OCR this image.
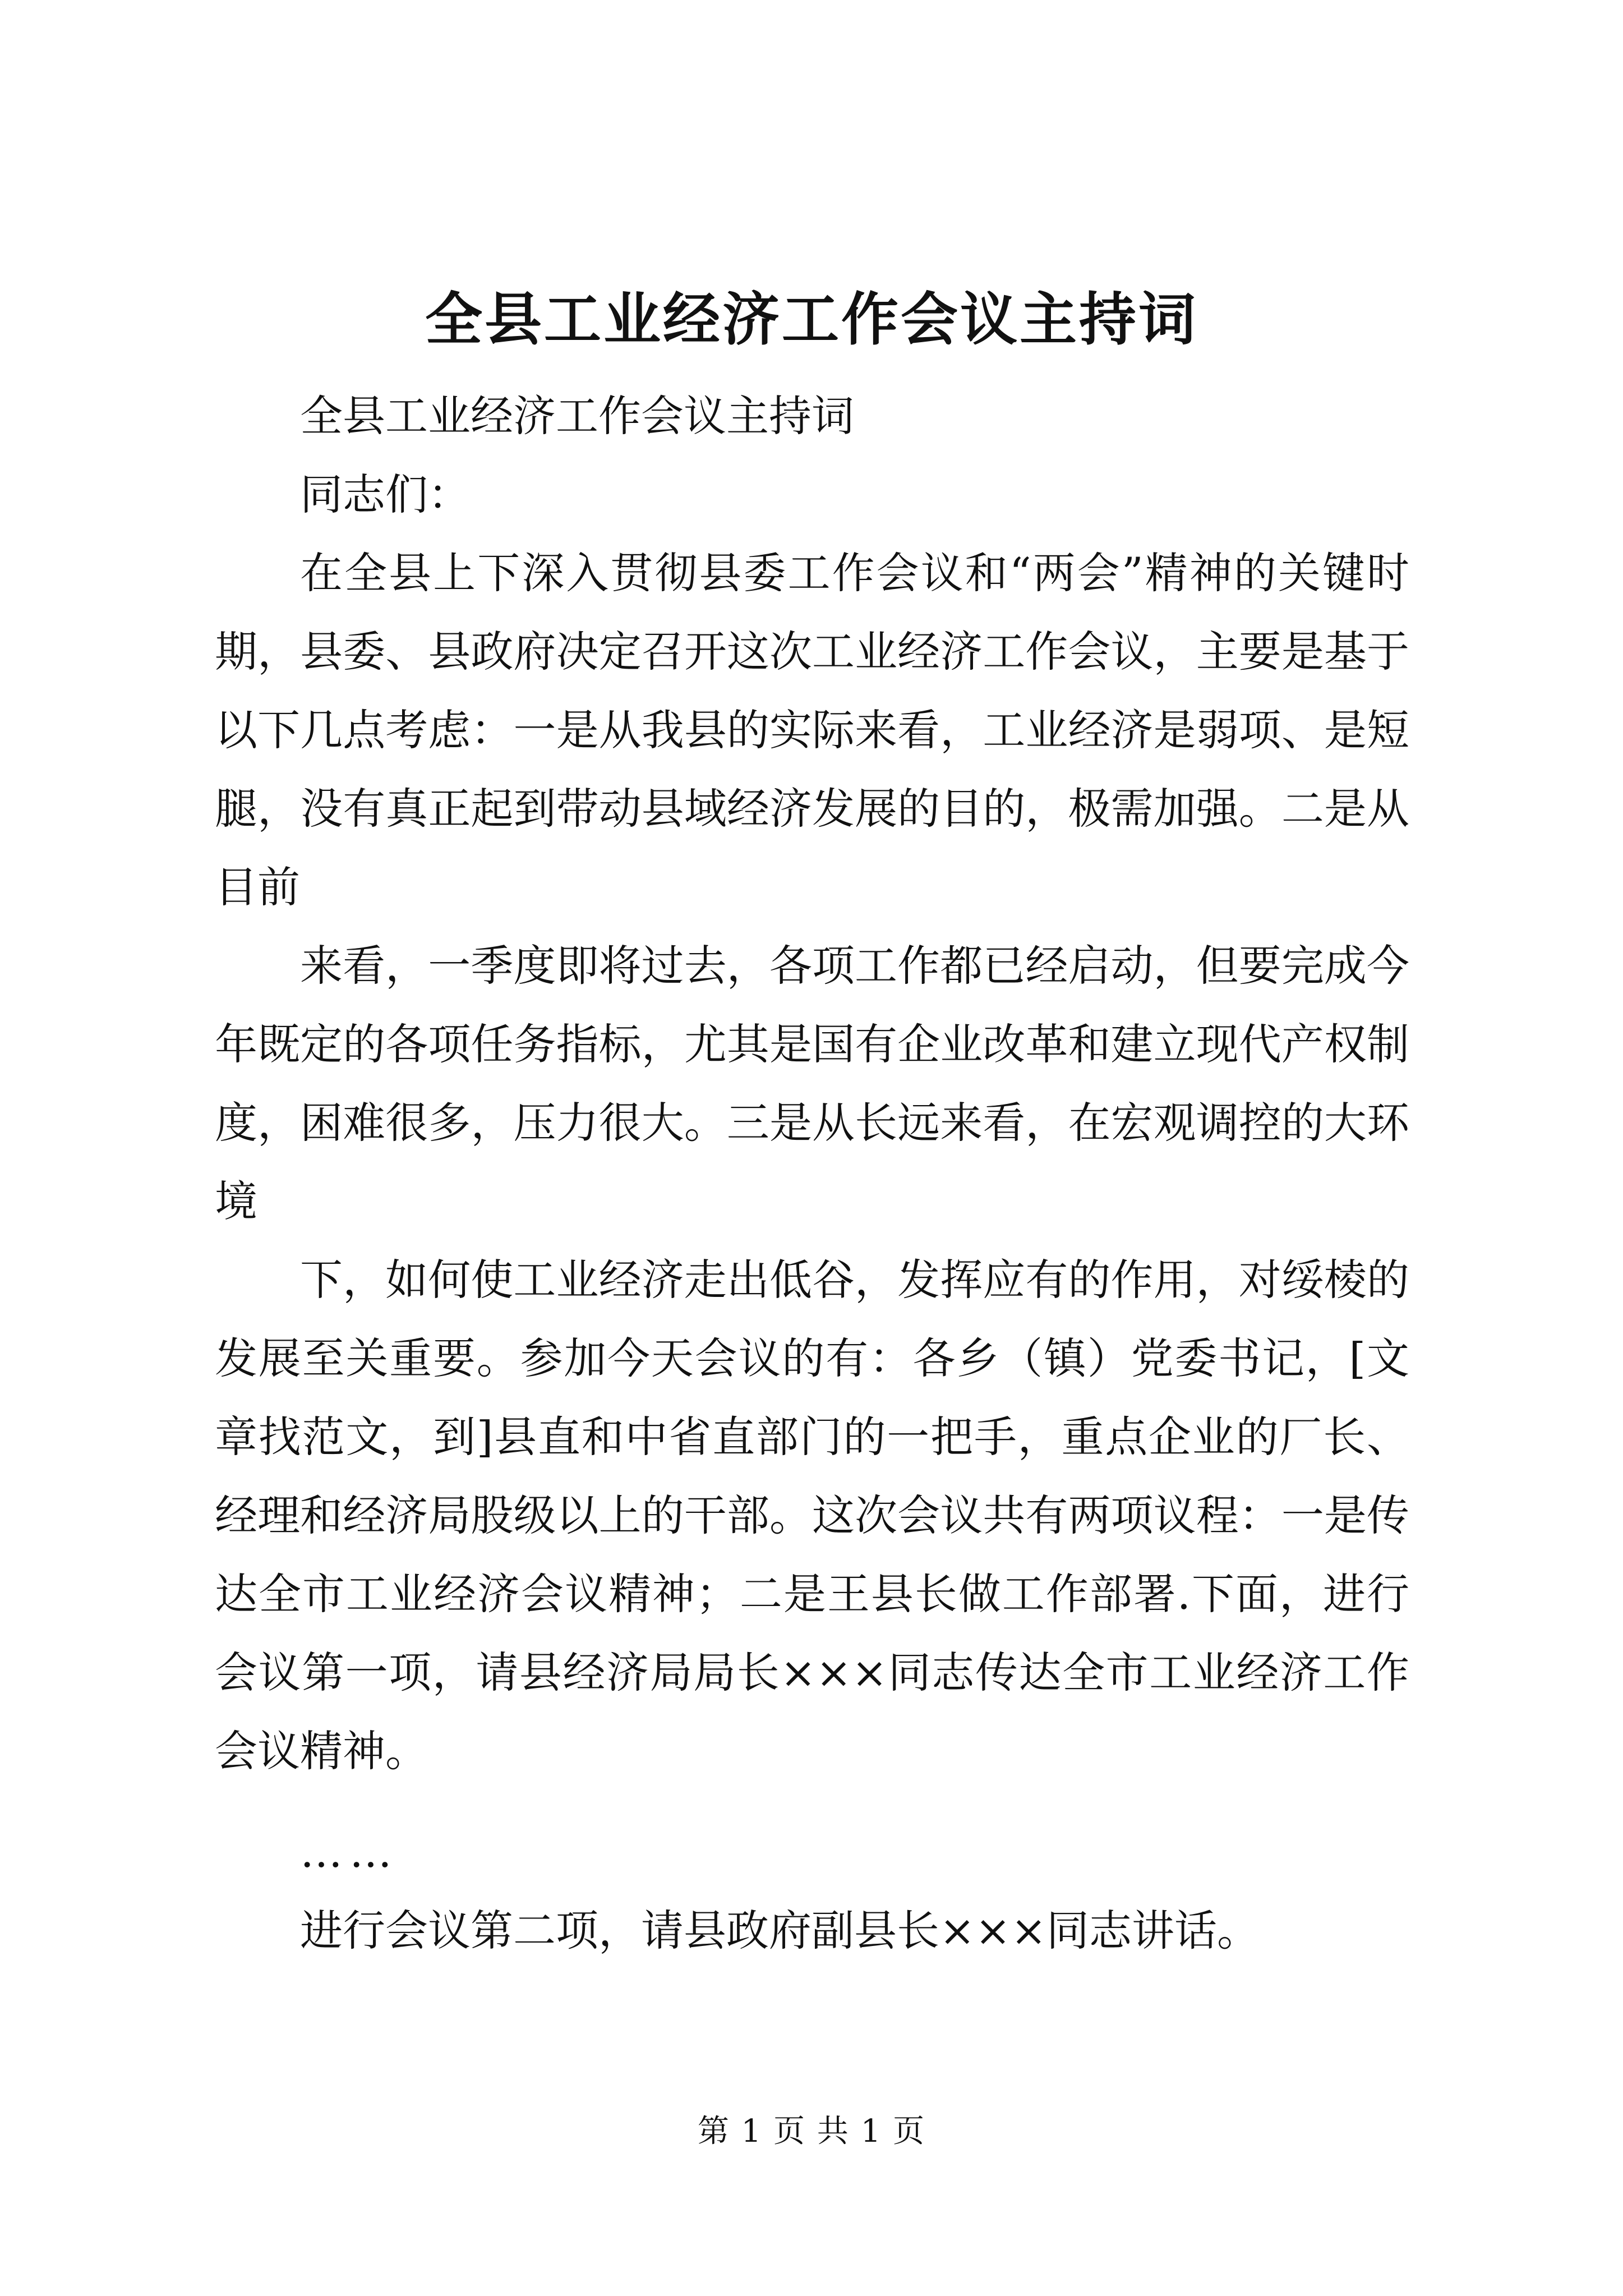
全县工业经济工作会议主持词

全县工业经济工作会议主持词

同志们：

在全县上下深入贯彻县委工作会议和“两会”精神的关键时期，县委、县政府决定召开这次工业经济工作会议，主要是基于以下几点考虑：一是从我县的实际来看，工业经济是弱项、是短腿，没有真正起到带动县域经济发展的目的，极需加强。二是从目前

来看，一季度即将过去，各项工作都已经启动，但要完成今年既定的各项任务指标，尤其是国有企业改革和建立现代产权制度，困难很多，压力很大。三是从长远来看，在宏观调控的大环境

下，如何使工业经济走出低谷，发挥应有的作用，对绥棱的发展至关重要。参加今天会议的有：各乡（镇）党委书记，[文章找范文，到]县直和中省直部门的一把手，重点企业的厂长、经理和经济局股级以上的干部。这次会议共有两项议程：一是传达全市工业经济会议精神；二是王县长做工作部署.下面，进行会议第一项，请县经济局局长×××同志传达全市工业经济工作会议精神。

……

进行会议第二项，请县政府副县长×××同志讲话。

第 1 页 共 1 页
